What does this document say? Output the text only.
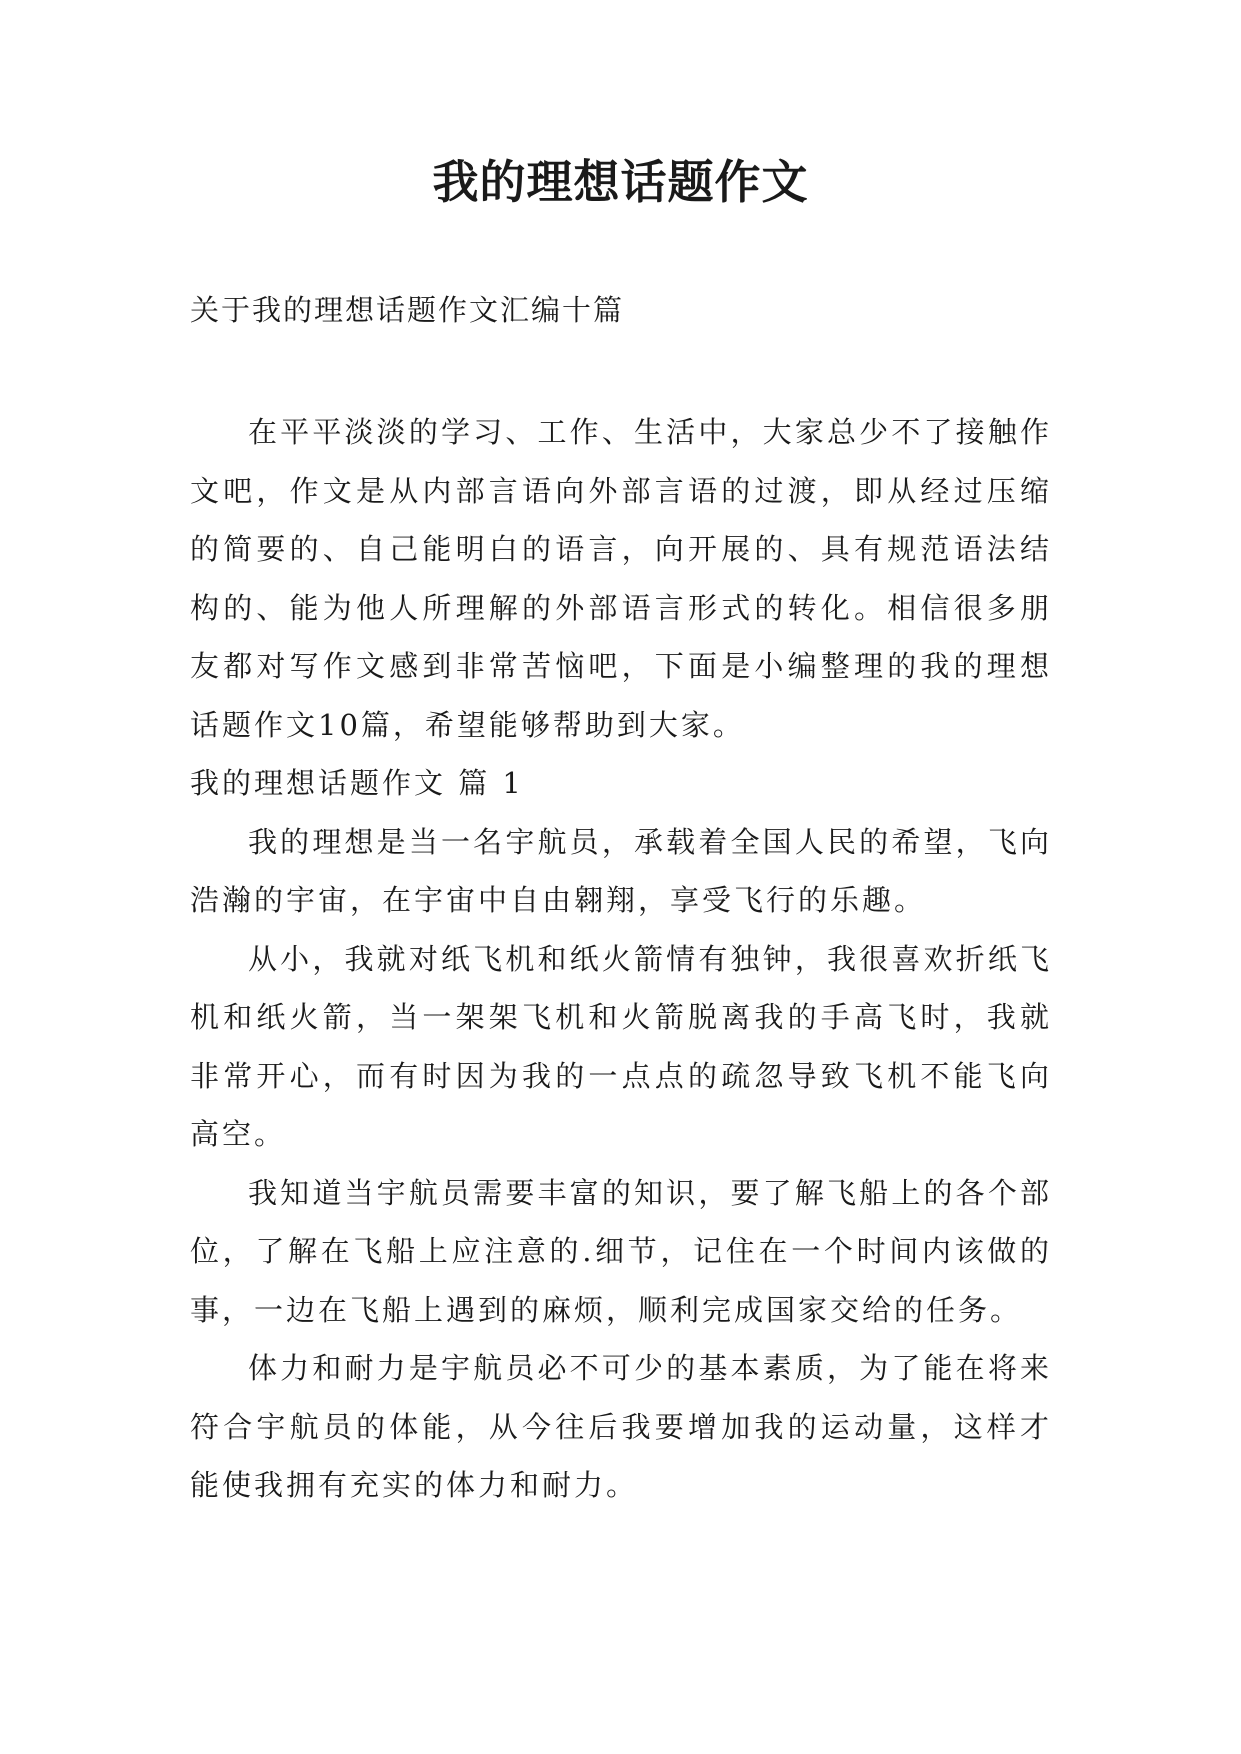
我的理想话题作文
关于我的理想话题作文汇编十篇

在平平淡淡的学习、工作、生活中，大家总少不了接触作文吧，作文是从内部言语向外部言语的过渡，即从经过压缩的简要的、自己能明白的语言，向开展的、具有规范语法结构的、能为他人所理解的外部语言形式的转化。相信很多朋友都对写作文感到非常苦恼吧，下面是小编整理的我的理想话题作文10篇，希望能够帮助到大家。

我的理想话题作文 篇 1

我的理想是当一名宇航员，承载着全国人民的希望，飞向浩瀚的宇宙，在宇宙中自由翱翔，享受飞行的乐趣。

从小，我就对纸飞机和纸火箭情有独钟，我很喜欢折纸飞机和纸火箭，当一架架飞机和火箭脱离我的手高飞时，我就非常开心，而有时因为我的一点点的疏忽导致飞机不能飞向高空。

我知道当宇航员需要丰富的知识，要了解飞船上的各个部位，了解在飞船上应注意的.细节，记住在一个时间内该做的事，一边在飞船上遇到的麻烦，顺利完成国家交给的任务。

体力和耐力是宇航员必不可少的基本素质，为了能在将来符合宇航员的体能，从今往后我要增加我的运动量，这样才能使我拥有充实的体力和耐力。
